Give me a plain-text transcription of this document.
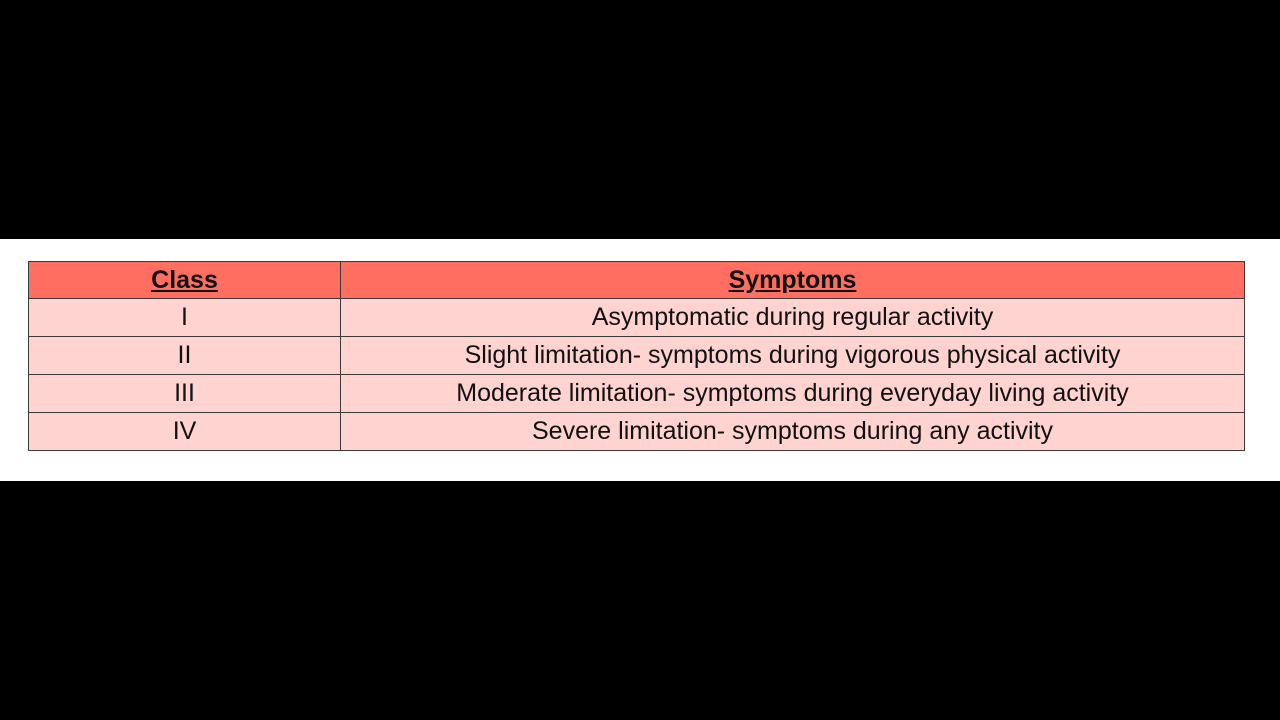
Class	Symptoms
I	Asymptomatic during regular activity
II	Slight limitation- symptoms during vigorous physical activity
III	Moderate limitation- symptoms during everyday living activity
IV	Severe limitation- symptoms during any activity
